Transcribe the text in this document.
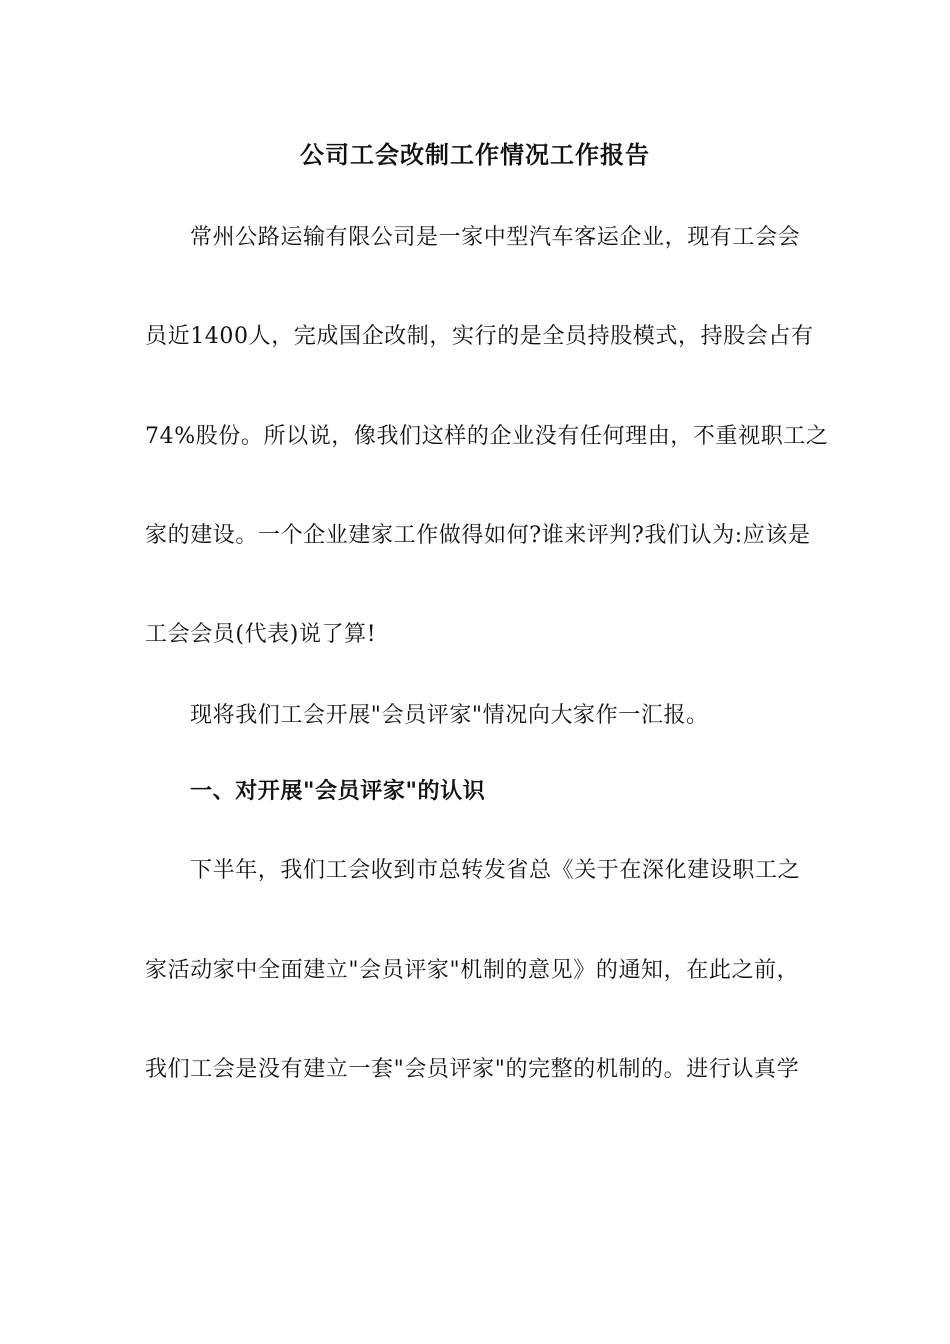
公司工会改制工作情况工作报告
常州公路运输有限公司是一家中型汽车客运企业，现有工会会
员近1400人，完成国企改制，实行的是全员持股模式，持股会占有
74%股份。所以说，像我们这样的企业没有任何理由，不重视职工之
家的建设。一个企业建家工作做得如何?谁来评判?我们认为:应该是
工会会员(代表)说了算!
现将我们工会开展"会员评家"情况向大家作一汇报。
一、对开展"会员评家"的认识
下半年，我们工会收到市总转发省总《关于在深化建设职工之
家活动家中全面建立"会员评家"机制的意见》的通知，在此之前，
我们工会是没有建立一套"会员评家"的完整的机制的。进行认真学
